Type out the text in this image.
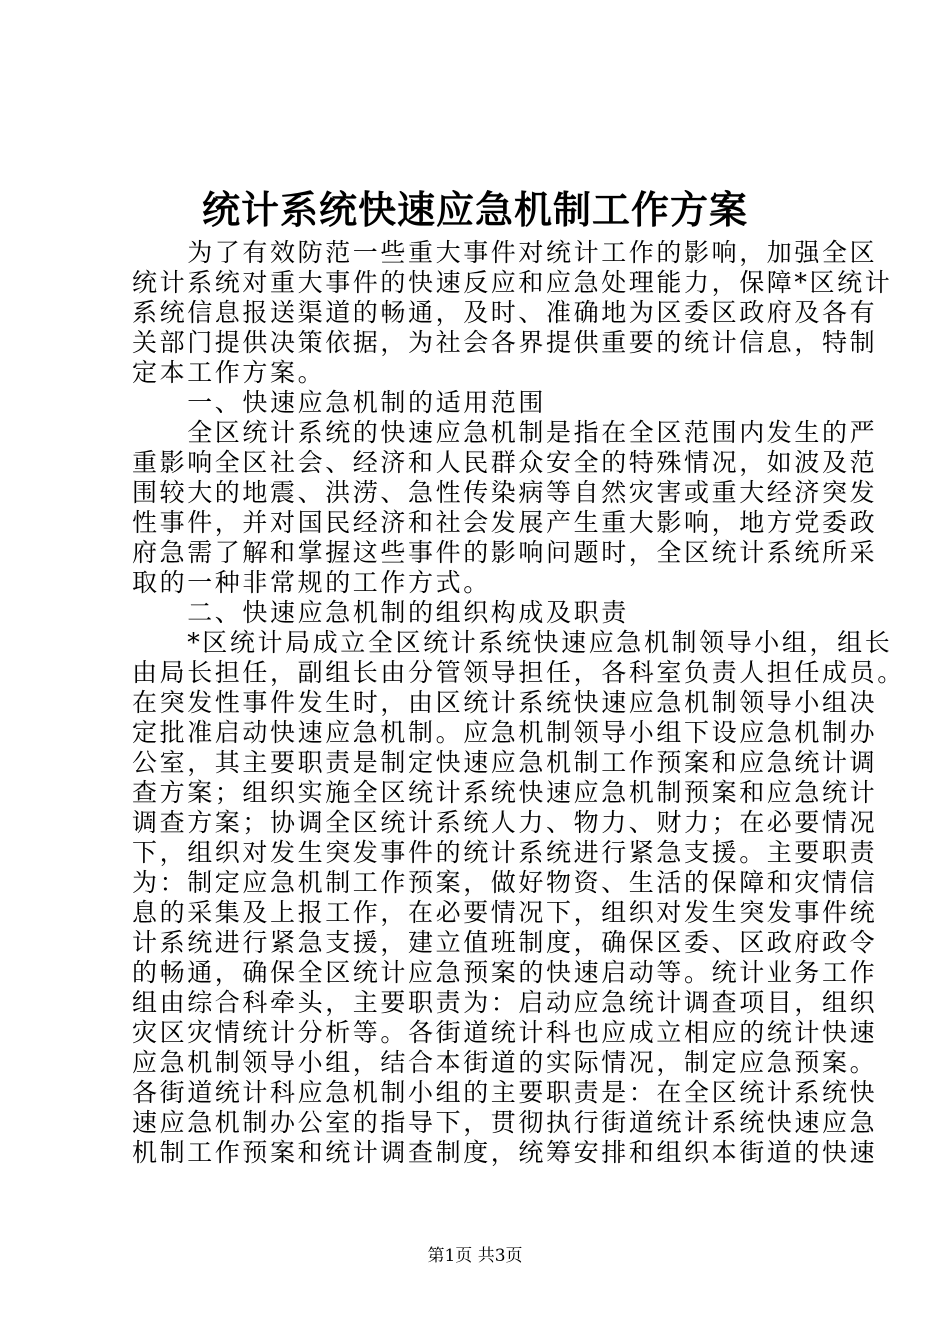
统计系统快速应急机制工作方案
　　为了有效防范一些重大事件对统计工作的影响，加强全区
统计系统对重大事件的快速反应和应急处理能力，保障*区统计
系统信息报送渠道的畅通，及时、准确地为区委区政府及各有
关部门提供决策依据，为社会各界提供重要的统计信息，特制
定本工作方案。
　　一、快速应急机制的适用范围
　　全区统计系统的快速应急机制是指在全区范围内发生的严
重影响全区社会、经济和人民群众安全的特殊情况，如波及范
围较大的地震、洪涝、急性传染病等自然灾害或重大经济突发
性事件，并对国民经济和社会发展产生重大影响，地方党委政
府急需了解和掌握这些事件的影响问题时，全区统计系统所采
取的一种非常规的工作方式。
　　二、快速应急机制的组织构成及职责
　　*区统计局成立全区统计系统快速应急机制领导小组，组长
由局长担任，副组长由分管领导担任，各科室负责人担任成员。
在突发性事件发生时，由区统计系统快速应急机制领导小组决
定批准启动快速应急机制。应急机制领导小组下设应急机制办
公室，其主要职责是制定快速应急机制工作预案和应急统计调
查方案；组织实施全区统计系统快速应急机制预案和应急统计
调查方案；协调全区统计系统人力、物力、财力；在必要情况
下，组织对发生突发事件的统计系统进行紧急支援。主要职责
为：制定应急机制工作预案，做好物资、生活的保障和灾情信
息的采集及上报工作，在必要情况下，组织对发生突发事件统
计系统进行紧急支援，建立值班制度，确保区委、区政府政令
的畅通，确保全区统计应急预案的快速启动等。统计业务工作
组由综合科牵头，主要职责为：启动应急统计调查项目，组织
灾区灾情统计分析等。各街道统计科也应成立相应的统计快速
应急机制领导小组，结合本街道的实际情况，制定应急预案。
各街道统计科应急机制小组的主要职责是：在全区统计系统快
速应急机制办公室的指导下，贯彻执行街道统计系统快速应急
机制工作预案和统计调查制度，统筹安排和组织本街道的快速
第1页 共3页
